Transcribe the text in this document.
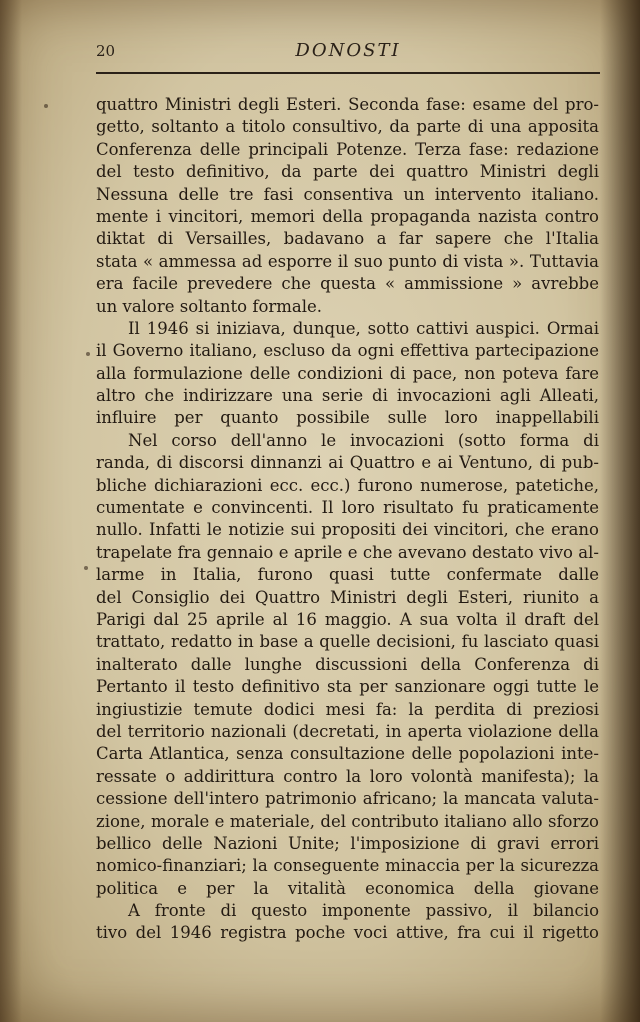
20	DONOSTI
quattro Ministri degli Esteri. Seconda fase: esame del pro-
getto, soltanto a titolo consultivo, da parte di una apposita
Conferenza delle principali Potenze. Terza fase: redazione
del testo definitivo, da parte dei quattro Ministri degli
Nessuna delle tre fasi consentiva un intervento italiano.
mente i vincitori, memori della propaganda nazista contro
diktat di Versailles, badavano a far sapere che l'Italia
stata « ammessa ad esporre il suo punto di vista ». Tuttavia
era facile prevedere che questa « ammissione » avrebbe
un valore soltanto formale.
Il 1946 si iniziava, dunque, sotto cattivi auspici. Ormai
il Governo italiano, escluso da ogni effettiva partecipazione
alla formulazione delle condizioni di pace, non poteva fare
altro che indirizzare una serie di invocazioni agli Alleati,
influire per quanto possibile sulle loro inappellabili
Nel corso dell'anno le invocazioni (sotto forma di
randa, di discorsi dinnanzi ai Quattro e ai Ventuno, di pub-
bliche dichiarazioni ecc. ecc.) furono numerose, patetiche,
cumentate e convincenti. Il loro risultato fu praticamente
nullo. Infatti le notizie sui propositi dei vincitori, che erano
trapelate fra gennaio e aprile e che avevano destato vivo al-
larme in Italia, furono quasi tutte confermate dalle
del Consiglio dei Quattro Ministri degli Esteri, riunito a
Parigi dal 25 aprile al 16 maggio. A sua volta il draft del
trattato, redatto in base a quelle decisioni, fu lasciato quasi
inalterato dalle lunghe discussioni della Conferenza di
Pertanto il testo definitivo sta per sanzionare oggi tutte le
ingiustizie temute dodici mesi fa: la perdita di preziosi
del territorio nazionali (decretati, in aperta violazione della
Carta Atlantica, senza consultazione delle popolazioni inte-
ressate o addirittura contro la loro volontà manifesta); la
cessione dell'intero patrimonio africano; la mancata valuta-
zione, morale e materiale, del contributo italiano allo sforzo
bellico delle Nazioni Unite; l'imposizione di gravi errori
nomico-finanziari; la conseguente minaccia per la sicurezza
politica e per la vitalità economica della giovane
A fronte di questo imponente passivo, il bilancio
tivo del 1946 registra poche voci attive, fra cui il rigetto
